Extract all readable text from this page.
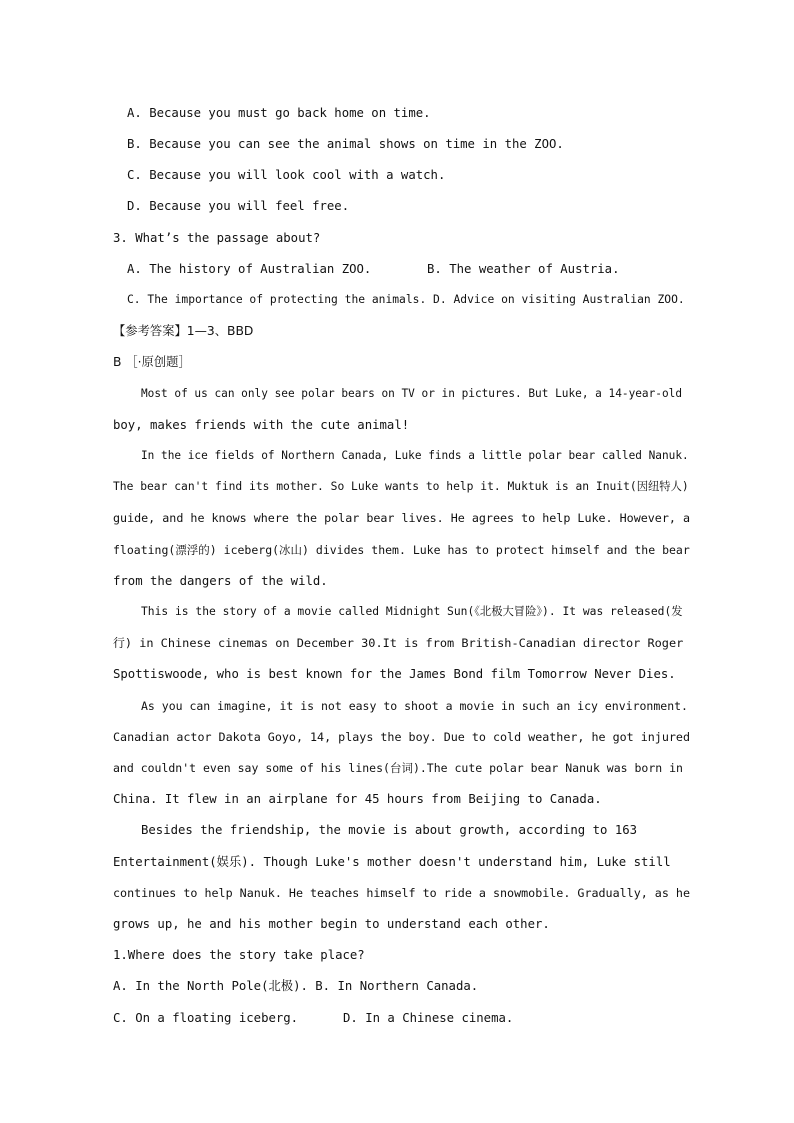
A. Because you must go back home on time.
B. Because you can see the animal shows on time in the ZOO.
C. Because you will look cool with a watch.
D. Because you will feel free.
3. What’s the passage about?
A. The history of Australian ZOO.	B. The weather of Austria.
C. The importance of protecting the animals. D. Advice on visiting Australian ZOO.
【参考答案】1—3、BBD
B ［·原创题］
Most of us can only see polar bears on TV or in pictures. But Luke, a 14-year-old
boy, makes friends with the cute animal!
In the ice fields of Northern Canada, Luke finds a little polar bear called Nanuk.
The bear can't find its mother. So Luke wants to help it. Muktuk is an Inuit(因纽特人)
guide, and he knows where the polar bear lives. He agrees to help Luke. However, a
floating(漂浮的) iceberg(冰山) divides them. Luke has to protect himself and the bear
from the dangers of the wild.
This is the story of a movie called Midnight Sun(《北极大冒险》). It was released(发
行) in Chinese cinemas on December 30.It is from British-Canadian director Roger
Spottiswoode, who is best known for the James Bond film Tomorrow Never Dies.
As you can imagine, it is not easy to shoot a movie in such an icy environment.
Canadian actor Dakota Goyo, 14, plays the boy. Due to cold weather, he got injured
and couldn't even say some of his lines(台词).The cute polar bear Nanuk was born in
China. It flew in an airplane for 45 hours from Beijing to Canada.
Besides the friendship, the movie is about growth, according to 163
Entertainment(娱乐). Though Luke's mother doesn't understand him, Luke still
continues to help Nanuk. He teaches himself to ride a snowmobile. Gradually, as he
grows up, he and his mother begin to understand each other.
1.Where does the story take place?
A. In the North Pole(北极). B. In Northern Canada.
C. On a floating iceberg.	D. In a Chinese cinema.
